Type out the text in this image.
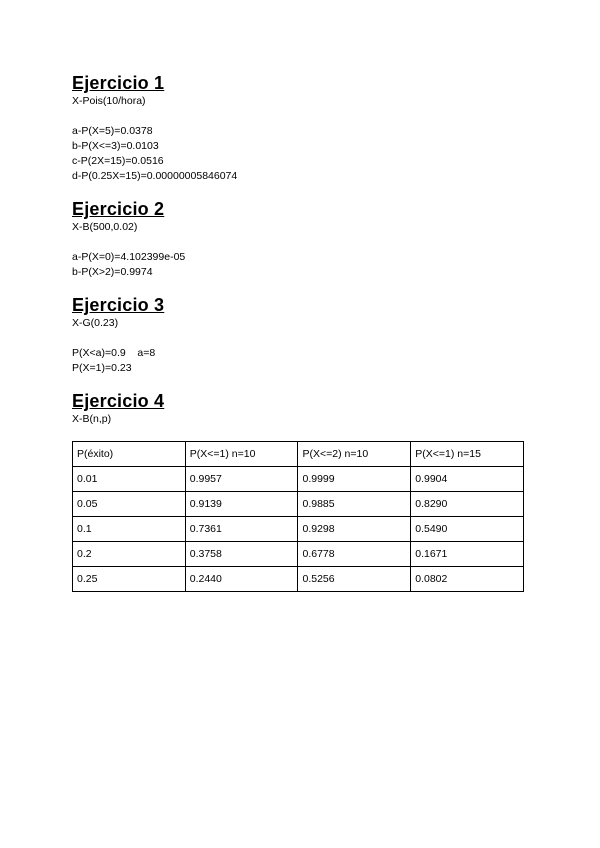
Ejercicio 1
X-Pois(10/hora)
a-P(X=5)=0.0378
b-P(X<=3)=0.0103
c-P(2X=15)=0.0516
d-P(0.25X=15)=0.00000005846074
Ejercicio 2
X-B(500,0.02)
a-P(X=0)=4.102399e-05
b-P(X>2)=0.9974
Ejercicio 3
X-G(0.23)
P(X<a)=0.9    a=8
P(X=1)=0.23
Ejercicio 4
X-B(n,p)
P(éxito)	P(X<=1) n=10	P(X<=2) n=10	P(X<=1) n=15
0.01	0.9957	0.9999	0.9904
0.05	0.9139	0.9885	0.8290
0.1	0.7361	0.9298	0.5490
0.2	0.3758	0.6778	0.1671
0.25	0.2440	0.5256	0.0802
